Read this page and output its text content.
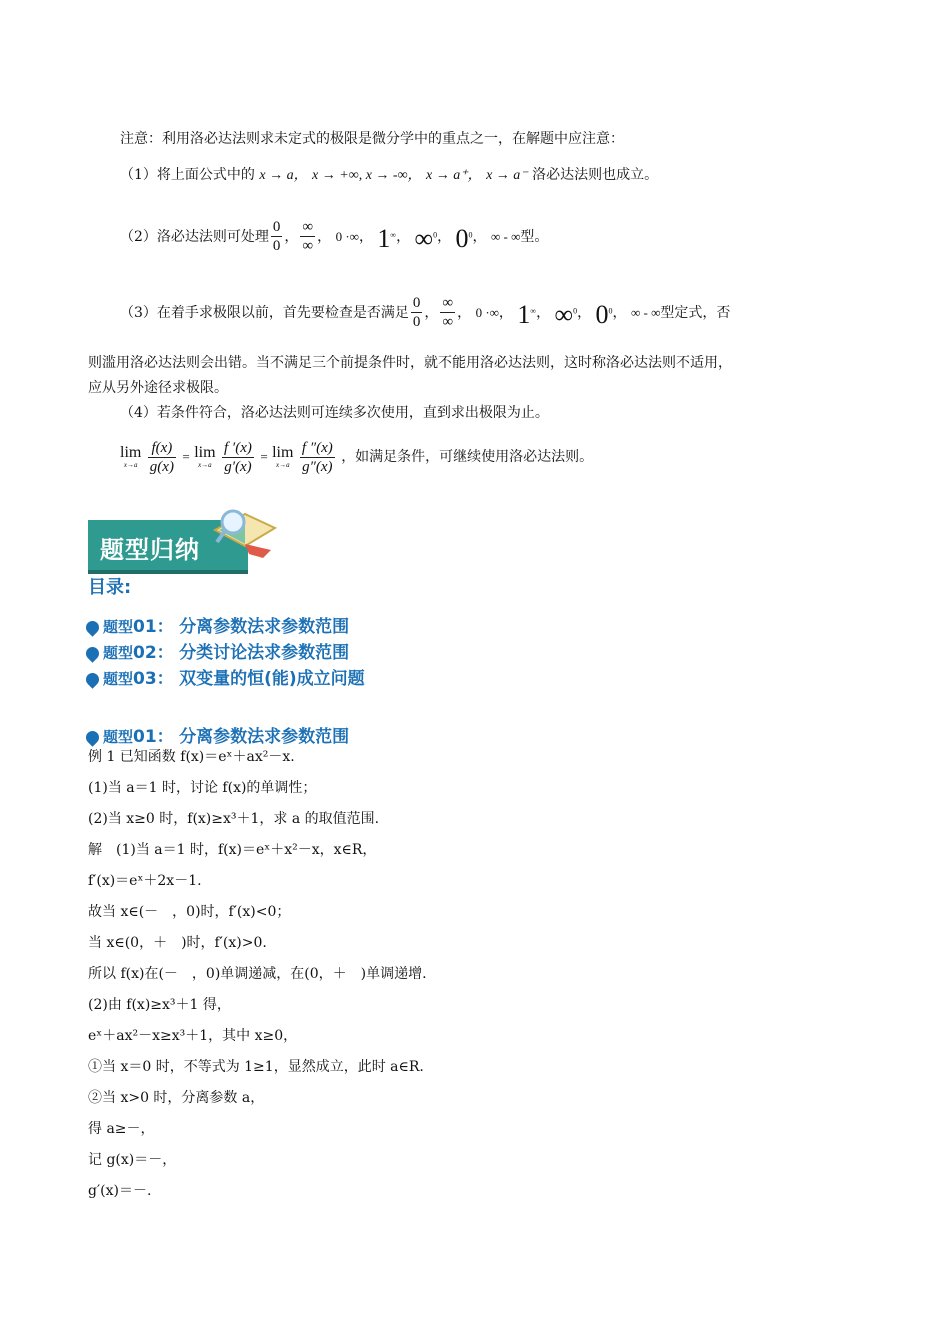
注意：利用洛必达法则求未定式的极限是微分学中的重点之一，在解题中应注意：
（1）将上面公式中的 x → a， x → +∞, x → -∞， x → a⁺， x → a⁻ 洛必达法则也成立。
（2）洛必达法则可处理 $\frac{0}{0}$ ， $\frac{\infty}{\infty}$ ， 0 ·∞， 1∞， ∞$^0$， $0^0$， ∞ - ∞型。
（3）在着手求极限以前，首先要检查是否满足 $\frac{0}{0}$ ， $\frac{\infty}{\infty}$ ， 0 ·∞， 1∞， ∞$^0$， $0^0$， ∞ - ∞型定式，否
则滥用洛必达法则会出错。当不满足三个前提条件时，就不能用洛必达法则，这时称洛必达法则不适用，
应从另外途径求极限。
（4）若条件符合，洛必达法则可连续多次使用，直到求出极限为止。
lim
x→a
$\frac{f(x)}{g(x)} = \lim$
x→a
$\frac{f '(x)}{g'(x)} = \lim$
x→a
$\frac{f ''(x)}{g''(x)}$ ，如满足条件，可继续使用洛必达法则。
题型归纳
目录:
题型01： 分离参数法求参数范围
题型02： 分类讨论法求参数范围
题型03： 双变量的恒(能)成立问题
题型01： 分离参数法求参数范围
例 1 已知函数 f(x)＝eˣ＋ax²－x.
(1)当 a＝1 时，讨论 f(x)的单调性；
(2)当 x≥0 时，f(x)≥x³＋1，求 a 的取值范围.
解　(1)当 a＝1 时，f(x)＝eˣ＋x²－x，x∈R，
f′(x)＝eˣ＋2x－1.
故当 x∈(－　，0)时，f′(x)<0；
当 x∈(0，＋　)时，f′(x)>0.
所以 f(x)在(－　，0)单调递减，在(0，＋　)单调递增.
(2)由 f(x)≥x³＋1 得，
eˣ＋ax²－x≥x³＋1，其中 x≥0，
①当 x＝0 时，不等式为 1≥1，显然成立，此时 a∈R.
②当 x>0 时，分离参数 a，
得 a≥－，
记 g(x)＝－，
g′(x)＝－.
